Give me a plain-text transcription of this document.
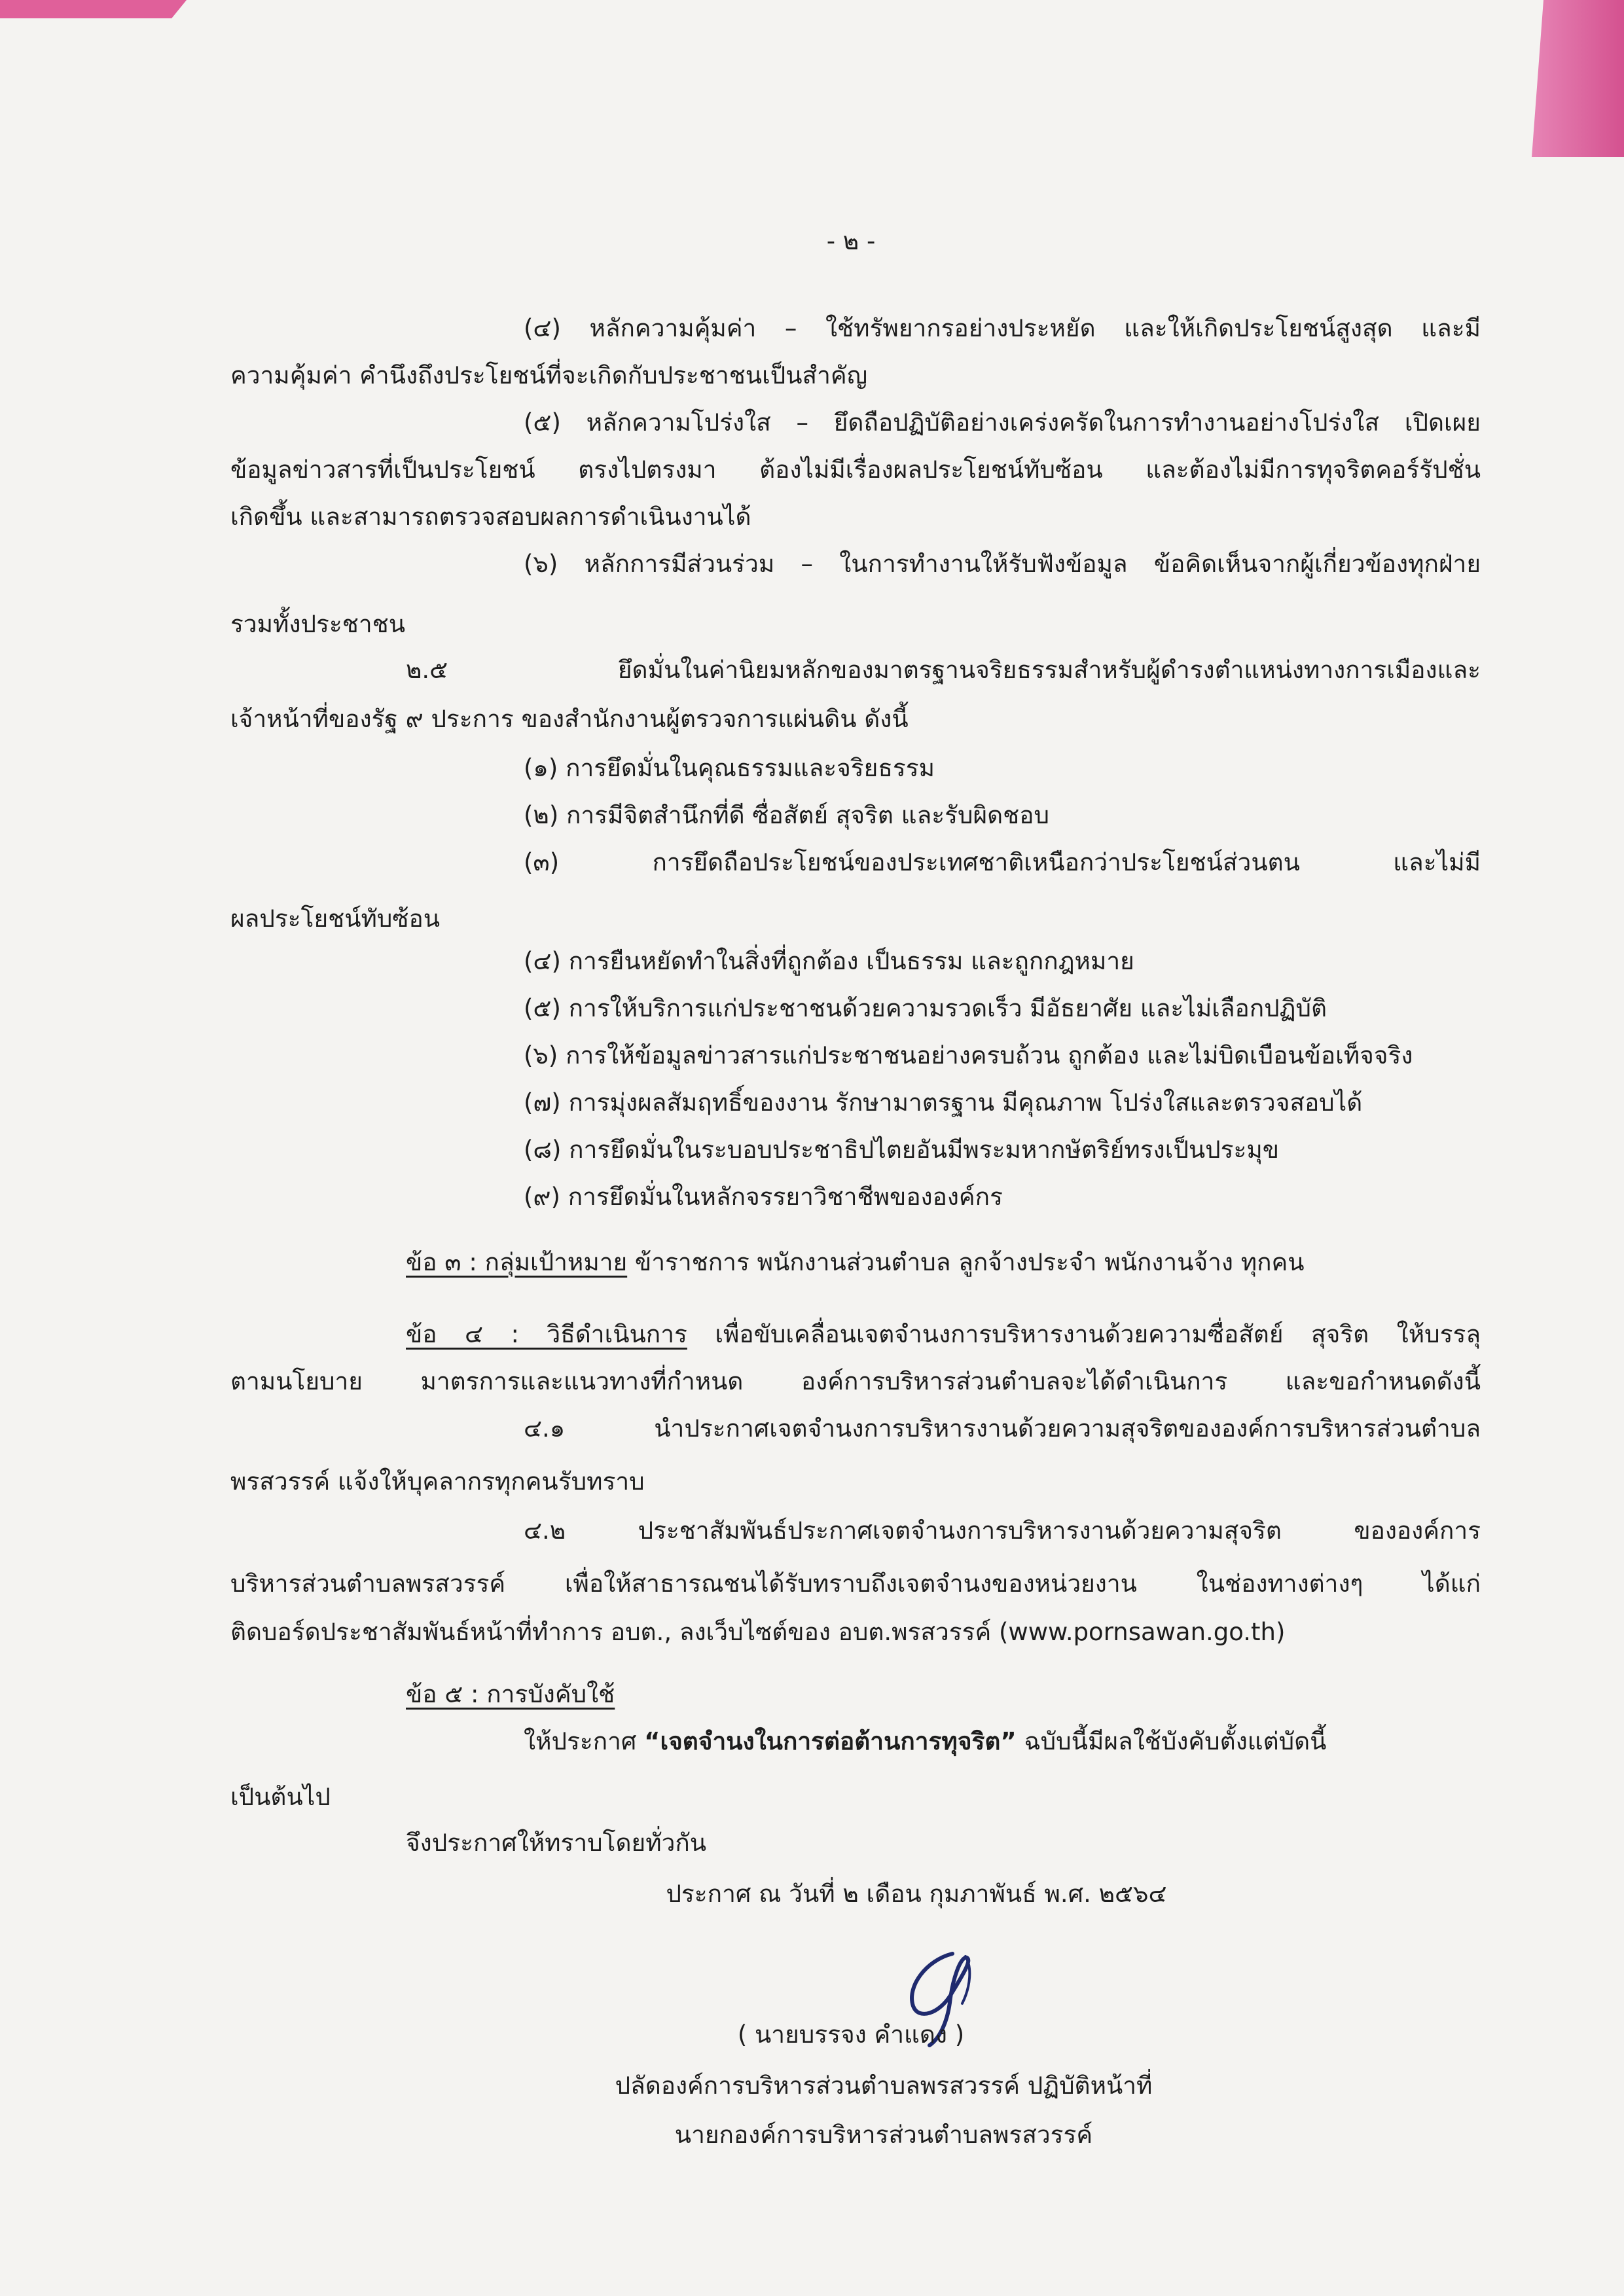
- ๒ -
(๔) หลักความคุ้มค่า – ใช้ทรัพยากรอย่างประหยัด และให้เกิดประโยชน์สูงสุด และมี
ความคุ้มค่า คำนึงถึงประโยชน์ที่จะเกิดกับประชาชนเป็นสำคัญ
(๕) หลักความโปร่งใส – ยึดถือปฏิบัติอย่างเคร่งครัดในการทำงานอย่างโปร่งใส เปิดเผย
ข้อมูลข่าวสารที่เป็นประโยชน์ ตรงไปตรงมา ต้องไม่มีเรื่องผลประโยชน์ทับซ้อน และต้องไม่มีการทุจริตคอร์รัปชั่น
เกิดขึ้น และสามารถตรวจสอบผลการดำเนินงานได้
(๖) หลักการมีส่วนร่วม – ในการทำงานให้รับฟังข้อมูล ข้อคิดเห็นจากผู้เกี่ยวข้องทุกฝ่าย
รวมทั้งประชาชน
๒.๕ ยึดมั่นในค่านิยมหลักของมาตรฐานจริยธรรมสำหรับผู้ดำรงตำแหน่งทางการเมืองและ
เจ้าหน้าที่ของรัฐ ๙ ประการ ของสำนักงานผู้ตรวจการแผ่นดิน ดังนี้
(๑) การยึดมั่นในคุณธรรมและจริยธรรม
(๒) การมีจิตสำนึกที่ดี ซื่อสัตย์ สุจริต และรับผิดชอบ
(๓) การยึดถือประโยชน์ของประเทศชาติเหนือกว่าประโยชน์ส่วนตน และไม่มี
ผลประโยชน์ทับซ้อน
(๔) การยืนหยัดทำในสิ่งที่ถูกต้อง เป็นธรรม และถูกกฎหมาย
(๕) การให้บริการแก่ประชาชนด้วยความรวดเร็ว มีอัธยาศัย และไม่เลือกปฏิบัติ
(๖) การให้ข้อมูลข่าวสารแก่ประชาชนอย่างครบถ้วน ถูกต้อง และไม่บิดเบือนข้อเท็จจริง
(๗) การมุ่งผลสัมฤทธิ์ของงาน รักษามาตรฐาน มีคุณภาพ โปร่งใสและตรวจสอบได้
(๘) การยึดมั่นในระบอบประชาธิปไตยอันมีพระมหากษัตริย์ทรงเป็นประมุข
(๙) การยึดมั่นในหลักจรรยาวิชาชีพขององค์กร
ข้อ ๓ : กลุ่มเป้าหมาย ข้าราชการ พนักงานส่วนตำบล ลูกจ้างประจำ พนักงานจ้าง ทุกคน
ข้อ ๔ : วิธีดำเนินการ เพื่อขับเคลื่อนเจตจำนงการบริหารงานด้วยความซื่อสัตย์ สุจริต ให้บรรลุ
ตามนโยบาย มาตรการและแนวทางที่กำหนด องค์การบริหารส่วนตำบลจะได้ดำเนินการ และขอกำหนดดังนี้
๔.๑ นำประกาศเจตจำนงการบริหารงานด้วยความสุจริตขององค์การบริหารส่วนตำบล
พรสวรรค์ แจ้งให้บุคลากรทุกคนรับทราบ
๔.๒ ประชาสัมพันธ์ประกาศเจตจำนงการบริหารงานด้วยความสุจริต ขององค์การ
บริหารส่วนตำบลพรสวรรค์ เพื่อให้สาธารณชนได้รับทราบถึงเจตจำนงของหน่วยงาน ในช่องทางต่างๆ ได้แก่
ติดบอร์ดประชาสัมพันธ์หน้าที่ทำการ อบต., ลงเว็บไซต์ของ อบต.พรสวรรค์ (www.pornsawan.go.th)
ข้อ ๕ : การบังคับใช้
ให้ประกาศ “เจตจำนงในการต่อต้านการทุจริต” ฉบับนี้มีผลใช้บังคับตั้งแต่บัดนี้
เป็นต้นไป
จึงประกาศให้ทราบโดยทั่วกัน
ประกาศ ณ วันที่ ๒ เดือน กุมภาพันธ์ พ.ศ. ๒๕๖๔
( นายบรรจง คำแดง )
ปลัดองค์การบริหารส่วนตำบลพรสวรรค์ ปฏิบัติหน้าที่
นายกองค์การบริหารส่วนตำบลพรสวรรค์
